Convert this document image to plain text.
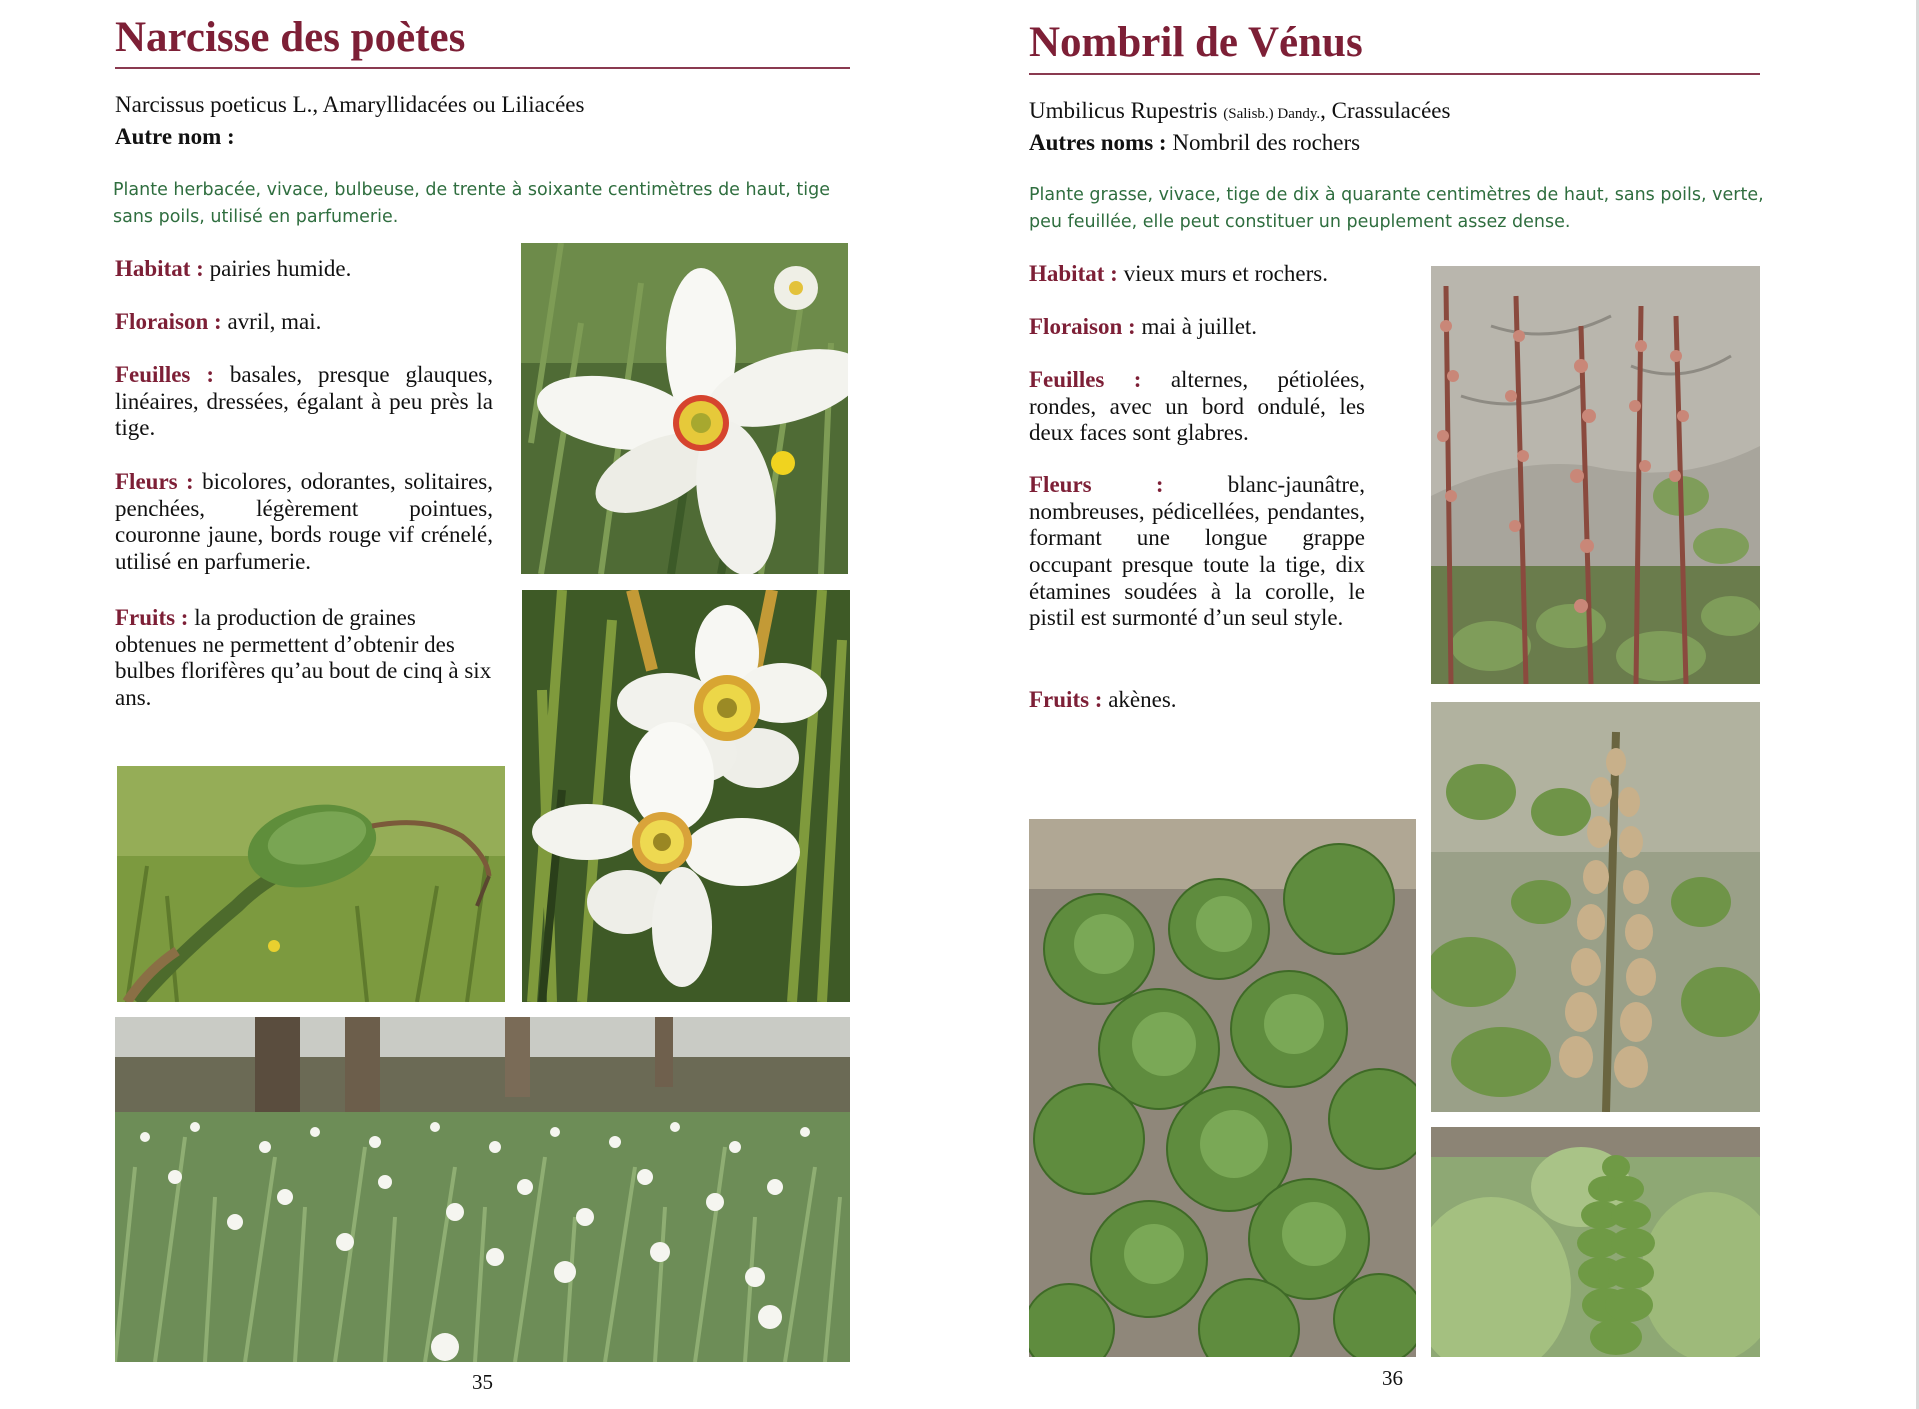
Narcisse des poètes
Narcissus poeticus L., Amaryllidacées ou Liliacées
Autre nom :
Plante herbacée, vivace, bulbeuse, de trente à soixante centimètres de haut, tige sans poils, utilisé en parfumerie.
Habitat : pairies humide.
Floraison : avril, mai.
Feuilles : basales, presque glauques, linéaires, dressées, égalant à peu près la tige.
Fleurs : bicolores, odorantes, solitaires, penchées, légèrement pointues, couronne jaune, bords rouge vif crénelé, utilisé en parfumerie.
Fruits : la production de graines obtenues ne permettent d’obtenir des bulbes florifères qu’au bout de cinq à six ans.
35
Nombril de Vénus
Umbilicus Rupestris (Salisb.) Dandy., Crassulacées
Autres noms : Nombril des rochers
Plante grasse, vivace, tige de dix à quarante centimètres de haut, sans poils, verte, peu feuillée, elle peut constituer un peuplement assez dense.
Habitat : vieux murs et rochers.
Floraison : mai à juillet.
Feuilles : alternes, pétiolées, rondes, avec un bord ondulé, les deux faces sont glabres.
Fleurs :	blanc-jaunâtre, nombreuses, pédicellées, pendantes, formant une longue grappe occupant presque toute la tige, dix étamines soudées à la corolle, le pistil est surmonté d’un seul style.
Fruits : akènes.
36
